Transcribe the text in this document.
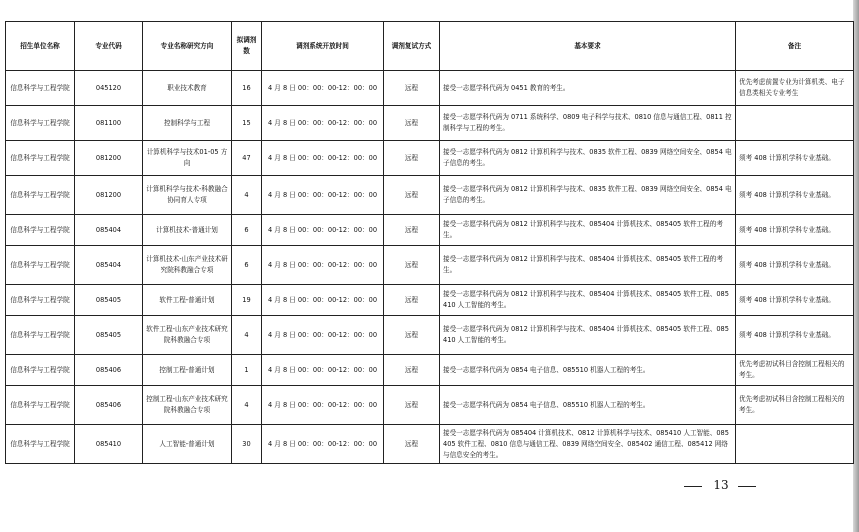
招生单位名称	专业代码	专业名称研究方向	拟调剂数	调剂系统开放时间	调剂复试方式	基本要求	备注
信息科学与工程学院	045120	职业技术教育	16	4 月 8 日 00：00：00-12：00：00	远程	接受一志愿学科代码为 0451 教育的考生。	优先考虑前置专业为计算机类、电子信息类相关专业考生
信息科学与工程学院	081100	控制科学与工程	15	4 月 8 日 00：00：00-12：00：00	远程	接受一志愿学科代码为 0711 系统科学、0809 电子科学与技术、0810 信息与通信工程、0811 控制科学与工程的考生。	
信息科学与工程学院	081200	计算机科学与技术01-05 方向	47	4 月 8 日 00：00：00-12：00：00	远程	接受一志愿学科代码为 0812 计算机科学与技术、0835 软件工程、0839 网络空间安全、0854 电子信息的考生。	须考 408 计算机学科专业基础。
信息科学与工程学院	081200	计算机科学与技术-科教融合协同育人专项	4	4 月 8 日 00：00：00-12：00：00	远程	接受一志愿学科代码为 0812 计算机科学与技术、0835 软件工程、0839 网络空间安全、0854 电子信息的考生。	须考 408 计算机学科专业基础。
信息科学与工程学院	085404	计算机技术-普通计划	6	4 月 8 日 00：00：00-12：00：00	远程	接受一志愿学科代码为 0812 计算机科学与技术、085404 计算机技术、085405 软件工程的考生。	须考 408 计算机学科专业基础。
信息科学与工程学院	085404	计算机技术-山东产业技术研究院科教融合专项	6	4 月 8 日 00：00：00-12：00：00	远程	接受一志愿学科代码为 0812 计算机科学与技术、085404 计算机技术、085405 软件工程的考生。	须考 408 计算机学科专业基础。
信息科学与工程学院	085405	软件工程-普通计划	19	4 月 8 日 00：00：00-12：00：00	远程	接受一志愿学科代码为 0812 计算机科学与技术、085404 计算机技术、085405 软件工程、085410 人工智能的考生。	须考 408 计算机学科专业基础。
信息科学与工程学院	085405	软件工程-山东产业技术研究院科教融合专项	4	4 月 8 日 00：00：00-12：00：00	远程	接受一志愿学科代码为 0812 计算机科学与技术、085404 计算机技术、085405 软件工程、085410 人工智能的考生。	须考 408 计算机学科专业基础。
信息科学与工程学院	085406	控制工程-普通计划	1	4 月 8 日 00：00：00-12：00：00	远程	接受一志愿学科代码为 0854 电子信息、085510 机器人工程的考生。	优先考虑初试科目含控制工程相关的考生。
信息科学与工程学院	085406	控制工程-山东产业技术研究院科教融合专项	4	4 月 8 日 00：00：00-12：00：00	远程	接受一志愿学科代码为 0854 电子信息、085510 机器人工程的考生。	优先考虑初试科目含控制工程相关的考生。
信息科学与工程学院	085410	人工智能-普通计划	30	4 月 8 日 00：00：00-12：00：00	远程	接受一志愿学科代码为 085404 计算机技术、0812 计算机科学与技术、085410 人工智能、085405 软件工程、0810 信息与通信工程、0839 网络空间安全、085402 通信工程、085412 网络与信息安全的考生。	
13
